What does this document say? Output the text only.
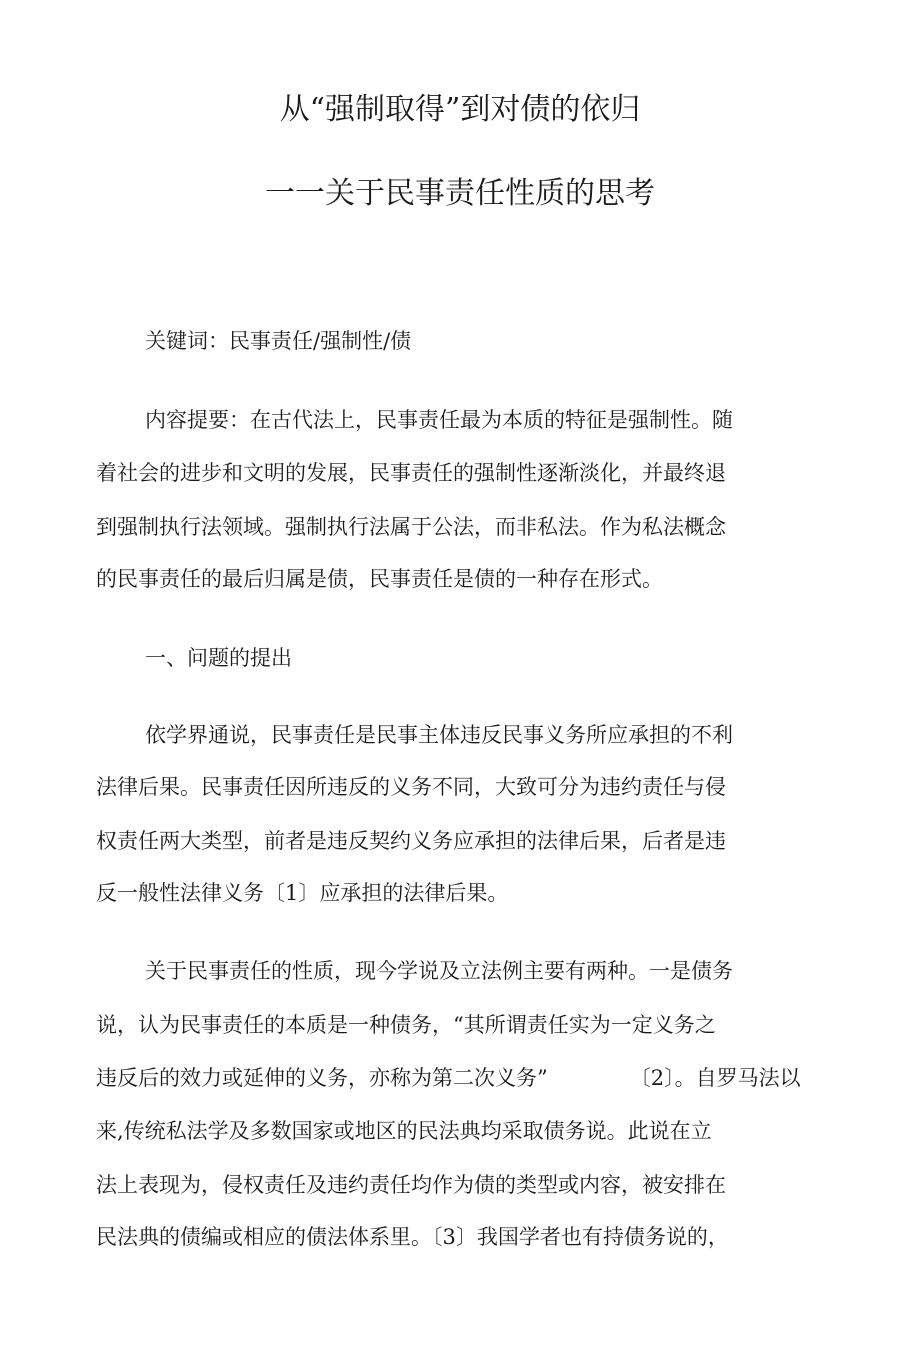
从“强制取得”到对债的依归
一一关于民事责任性质的思考
关键词：民事责任/强制性/债
内容提要：在古代法上，民事责任最为本质的特征是强制性。随
着社会的进步和文明的发展，民事责任的强制性逐渐淡化，并最终退
到强制执行法领域。强制执行法属于公法，而非私法。作为私法概念
的民事责任的最后归属是债，民事责任是债的一种存在形式。
一、问题的提出
依学界通说，民事责任是民事主体违反民事义务所应承担的不利
法律后果。民事责任因所违反的义务不同，大致可分为违约责任与侵
权责任两大类型，前者是违反契约义务应承担的法律后果，后者是违
反一般性法律义务〔1〕应承担的法律后果。
关于民事责任的性质，现今学说及立法例主要有两种。一是债务
说，认为民事责任的本质是一种债务，“其所谓责任实为一定义务之
违反后的效力或延伸的义务，亦称为第二次义务”	〔2〕。自罗马法以
来,传统私法学及多数国家或地区的民法典均采取债务说。此说在立
法上表现为，侵权责任及违约责任均作为债的类型或内容，被安排在
民法典的债编或相应的债法体系里。〔3〕我国学者也有持债务说的，
